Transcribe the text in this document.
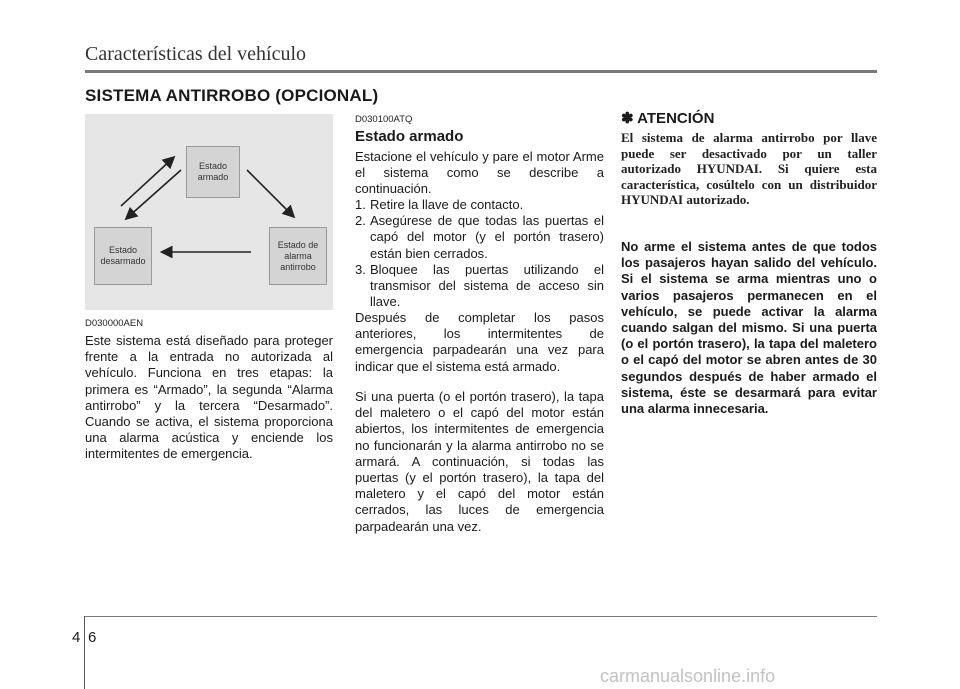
Características del vehículo
SISTEMA ANTIRROBO (OPCIONAL)
Estado
armado
Estado de
alarma
antirrobo
Estado
desarmado
D030000AEN
Este sistema está diseñado para proteger frente a la entrada no autorizada al vehículo. Funciona en tres etapas: la primera es “Armado”, la segunda “Alarma antirrobo” y la tercera “Desarmado”. Cuando se activa, el sistema proporciona una alarma acústica y enciende los intermitentes de emergencia.
D030100ATQ
Estado armado
Estacione el vehículo y pare el motor Arme el sistema como se describe a continuación.
1. Retire la llave de contacto.
2. Asegúrese de que todas las puertas el capó del motor (y el portón trasero) están bien cerrados.
3. Bloquee las puertas utilizando el transmisor del sistema de acceso sin llave.
Después de completar los pasos anteriores, los intermitentes de emergencia parpadearán una vez para indicar que el sistema está armado.
Si una puerta (o el portón trasero), la tapa del maletero o el capó del motor están abiertos, los intermitentes de emergencia no funcionarán y la alarma antirrobo no se armará. A continuación, si todas las puertas (y el portón trasero), la tapa del maletero y el capó del motor están cerrados, las luces de emergencia parpadearán una vez.
✽ ATENCIÓN
El sistema de alarma antirrobo por llave puede ser desactivado por un taller autorizado HYUNDAI. Si quiere esta característica, cosúltelo con un distribuidor HYUNDAI autorizado.
No arme el sistema antes de que todos los pasajeros hayan salido del vehículo. Si el sistema se arma mientras uno o varios pasajeros permanecen en el vehículo, se puede activar la alarma cuando salgan del mismo. Si una puerta (o el portón trasero), la tapa del maletero o el capó del motor se abren antes de 30 segundos después de haber armado el sistema, éste se desarmará para evitar una alarma innecesaria.
4 6
carmanualsonline.info
